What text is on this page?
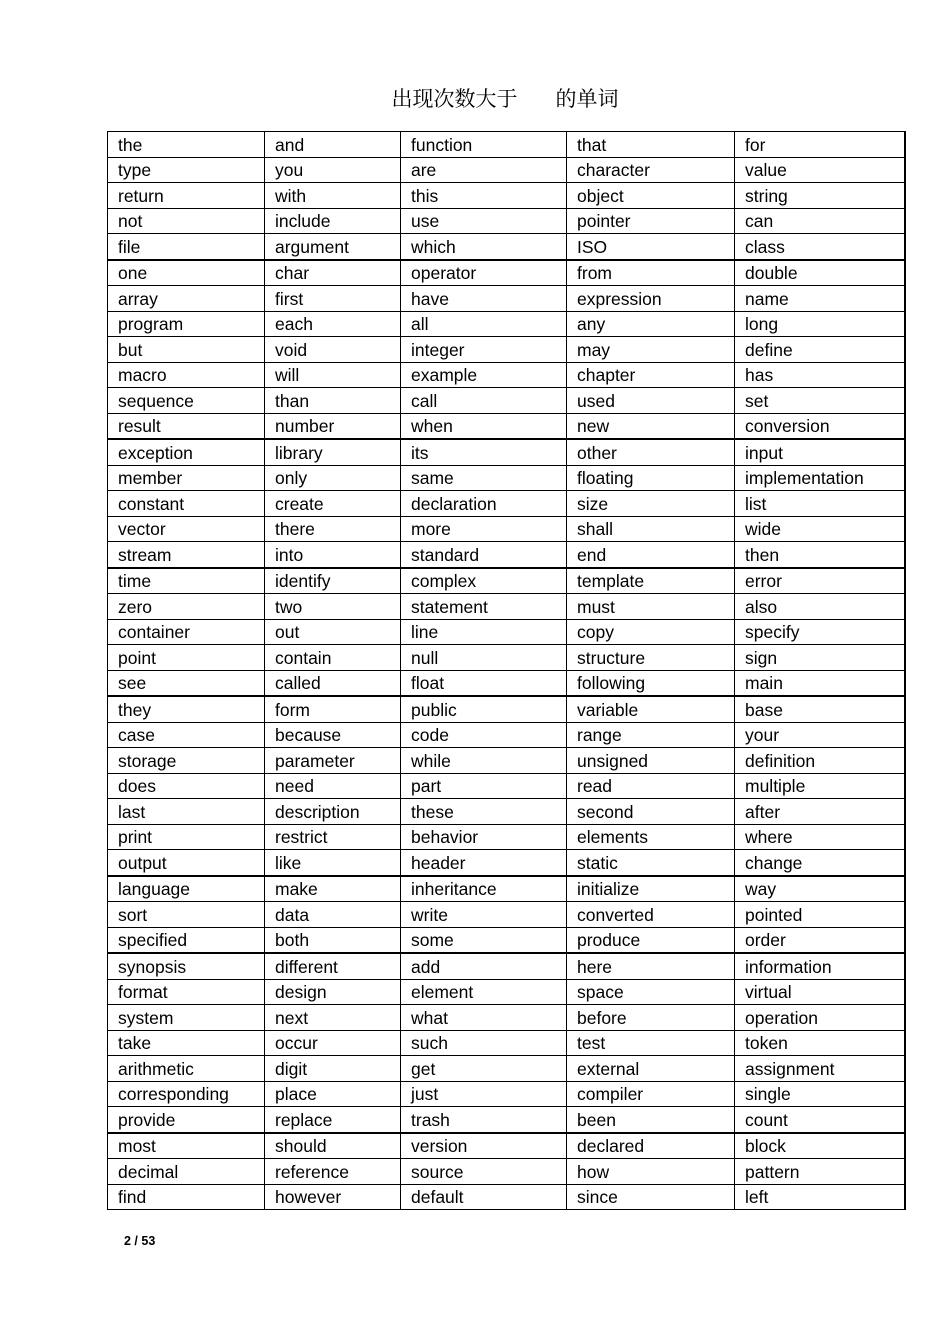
出现次数大于 的单词
the	and	function	that	for
type	you	are	character	value
return	with	this	object	string
not	include	use	pointer	can
file	argument	which	ISO	class
one	char	operator	from	double
array	first	have	expression	name
program	each	all	any	long
but	void	integer	may	define
macro	will	example	chapter	has
sequence	than	call	used	set
result	number	when	new	conversion
exception	library	its	other	input
member	only	same	floating	implementation
constant	create	declaration	size	list
vector	there	more	shall	wide
stream	into	standard	end	then
time	identify	complex	template	error
zero	two	statement	must	also
container	out	line	copy	specify
point	contain	null	structure	sign
see	called	float	following	main
they	form	public	variable	base
case	because	code	range	your
storage	parameter	while	unsigned	definition
does	need	part	read	multiple
last	description	these	second	after
print	restrict	behavior	elements	where
output	like	header	static	change
language	make	inheritance	initialize	way
sort	data	write	converted	pointed
specified	both	some	produce	order
synopsis	different	add	here	information
format	design	element	space	virtual
system	next	what	before	operation
take	occur	such	test	token
arithmetic	digit	get	external	assignment
corresponding	place	just	compiler	single
provide	replace	trash	been	count
most	should	version	declared	block
decimal	reference	source	how	pattern
find	however	default	since	left
2 / 53
